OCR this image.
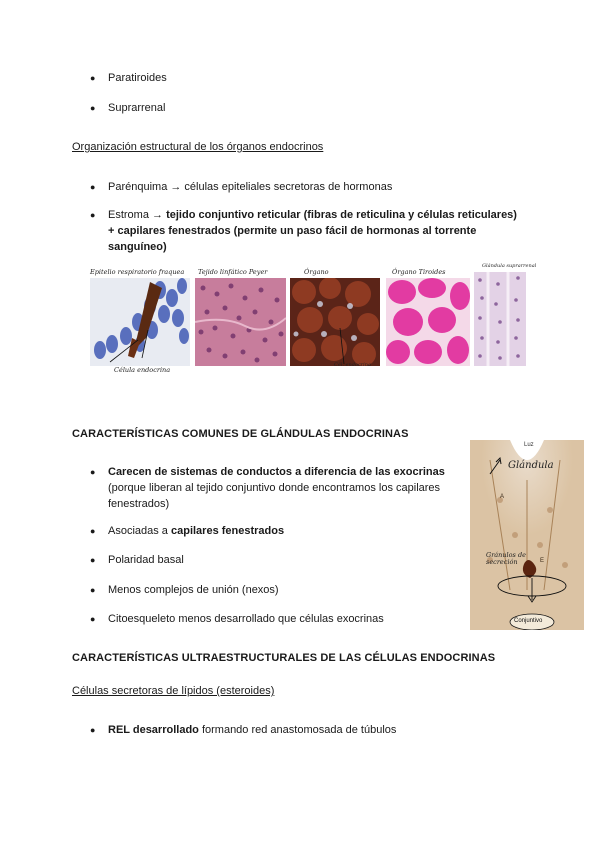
● Paratiroides
● Suprarrenal
Organización estructural de los órganos endocrinos
● Parénquima → células epiteliales secretoras de hormonas
● Estroma → tejido conjuntivo reticular (fibras de reticulina y células reticulares)
+ capilares fenestrados (permite un paso fácil de hormonas al torrente
sanguíneo)
Epitelio respiratorio fraquea Tejido linfático Peyer	Órgano	Órgano Tiroides
Glándula suprarrenal
Célula endocrina
Cél. endocrina
CARACTERÍSTICAS COMUNES DE GLÁNDULAS ENDOCRINAS
● Carecen de sistemas de conductos a diferencia de las exocrinas
(porque liberan al tejido conjuntivo donde encontramos los capilares
fenestrados)
● Asociadas a capilares fenestrados
● Polaridad basal
● Menos complejos de unión (nexos)
● Citoesqueleto menos desarrollado que células exocrinas
Luz
Glándula
A
E
Gránulos de secreción
Conjuntivo
CARACTERÍSTICAS ULTRAESTRUCTURALES DE LAS CÉLULAS ENDOCRINAS
Células secretoras de lípidos (esteroides)
● REL desarrollado formando red anastomosada de túbulos
